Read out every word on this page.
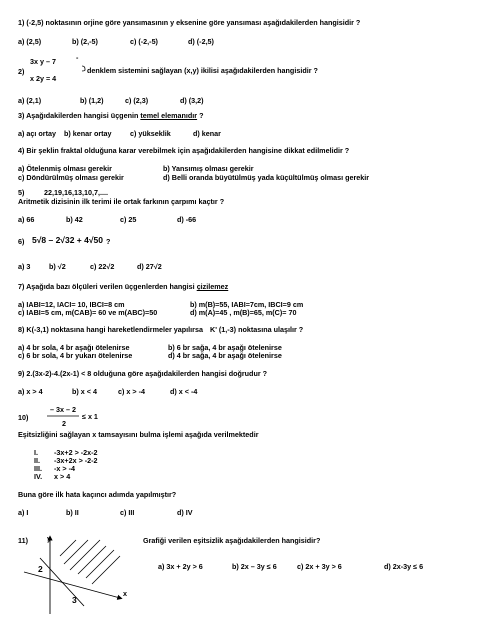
1) (-2,5) noktasının orjine göre yansımasının y eksenine göre yansıması aşağıdakilerden hangisidir ?
a) (2,5)	b) (2,-5)	c) (-2,-5)	d) (-2,5)
2)
3x y – 7	-
x 2y = 4
denklem sistemini sağlayan (x,y) ikilisi aşağıdakilerden hangisidir ?
a) (2,1)	b) (1,2)	c) (2,3)	d) (3,2)
3) Aşağıdakilerden hangisi üçgenin temel elemanıdır ?
a) açı ortay b) kenar ortay	c) yükseklik	d) kenar
4) Bir şeklin fraktal olduğuna karar verebilmek için aşağıdakilerden hangisine dikkat edilmelidir ?
a) Ötelenmiş olması gerekir	b) Yansımış olması gerekir
c) Döndürülmüş olması gerekir	d) Belli oranda büyütülmüş yada küçültülmüş olması gerekir
5)	22,19,16,13,10,7,....
Aritmetik dizisinin ilk terimi ile ortak farkının çarpımı kaçtır ?
a) 66	b) 42	c) 25	d) -66
6) 5√8 – 2√32 + 4√50 ?
a) 3	b) √2	c) 22√2	d) 27√2
7) Aşağıda bazı ölçüleri verilen üçgenlerden hangisi çizilemez
a) IABI=12, IACI= 10, IBCI=8 cm	b) m(B)=55, IABI=7cm, IBCI=9 cm
c) IABI=5 cm, m(CAB)= 60 ve m(ABC)=50	d) m(A)=45 , m(B)=65, m(C)= 70
8) K(-3,1) noktasına hangi hareketlendirmeler yapılırsa K' (1,-3) noktasına ulaşılır ?
a) 4 br sola, 4 br aşağı ötelenirse	b) 6 br sağa, 4 br aşağı ötelenirse
c) 6 br sola, 4 br yukarı ötelenirse	d) 4 br sağa, 4 br aşağı ötelenirse
9) 2.(3x-2)-4.(2x-1) < 8 olduğuna göre aşağıdakilerden hangisi doğrudur ?
a) x > 4	b) x < 4	c) x > -4	d) x < -4
10)
– 3x – 2
2
≤ x 1
Eşitsizliğini sağlayan x tamsayısını bulma işlemi aşağıda verilmektedir
I. -3x+2 > -2x-2
II. -3x+2x > -2-2
III. -x > -4
IV. x > 4
Buna göre ilk hata kaçıncı adımda yapılmıştır?
a) I	b) II	c) III	d) IV
11)	Grafiği verilen eşitsizlik aşağıdakilerden hangisidir?
y
x
2
3
a) 3x + 2y > 6	b) 2x – 3y ≤ 6	c) 2x + 3y > 6	d) 2x-3y ≤ 6
